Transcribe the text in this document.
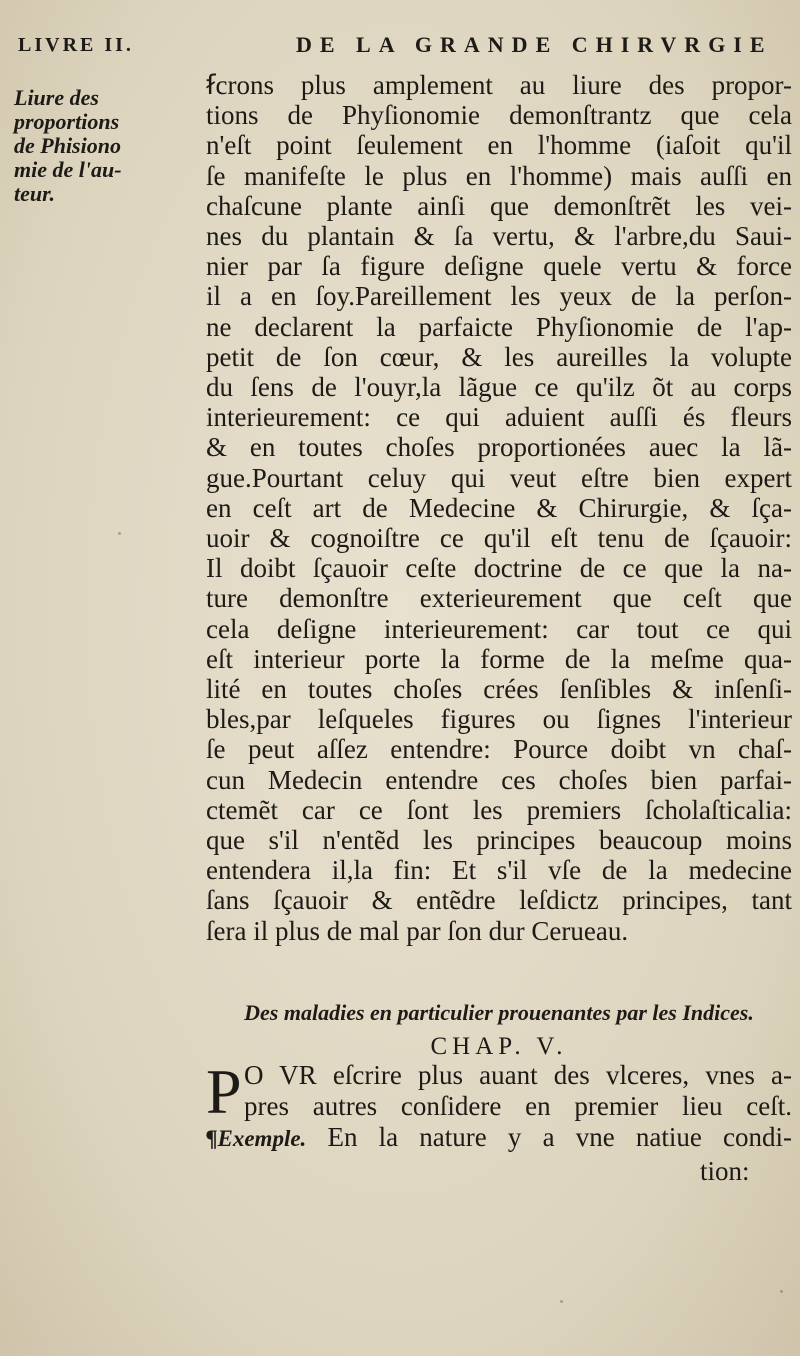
LIVRE II.	DE LA GRANDE CHIRVRGIE
Liure des
proportions
de Phisiono
mie de l'au-
teur.
ẜcrons plus amplement au liure des propor-
tions de Phyſionomie demonſtrantz que cela
n'eſt point ſeulement en l'homme (iaſoit qu'il
ſe manifeſte le plus en l'homme) mais auſſi en
chaſcune plante ainſi que demonſtrẽt les vei-
nes du plantain & ſa vertu, & l'arbre,du Saui-
nier par ſa figure deſigne quele vertu & force
il a en ſoy.Pareillement les yeux de la perſon-
ne declarent la parfaicte Phyſionomie de l'ap-
petit de ſon cœur, & les aureilles la volupte
du ſens de l'ouyr,la lãgue ce qu'ilz õt au corps
interieurement: ce qui aduient auſſi és fleurs
& en toutes choſes proportionées auec la lã-
gue.Pourtant celuy qui veut eſtre bien expert
en ceſt art de Medecine & Chirurgie, & ſça-
uoir & cognoiſtre ce qu'il eſt tenu de ſçauoir:
Il doibt ſçauoir ceſte doctrine de ce que la na-
ture demonſtre exterieurement que ceſt que
cela deſigne interieurement: car tout ce qui
eſt interieur porte la forme de la meſme qua-
lité en toutes choſes crées ſenſibles & inſenſi-
bles,par leſqueles figures ou ſignes l'interieur
ſe peut aſſez entendre: Pource doibt vn chaſ-
cun Medecin entendre ces choſes bien parfai-
ctemẽt car ce ſont les premiers ſcholaſticalia:
que s'il n'entẽd les principes beaucoup moins
entendera il,la fin: Et s'il vſe de la medecine
ſans ſçauoir & entẽdre leſdictz principes, tant
ſera il plus de mal par ſon dur Cerueau.
Des maladies en particulier prouenantes par les Indices.
CHAP. V.
P O VR eſcrire plus auant des vlceres, vnes a-
pres autres conſidere en premier lieu ceſt.
¶Exemple. En la nature y a vne natiue condi-
tion:
